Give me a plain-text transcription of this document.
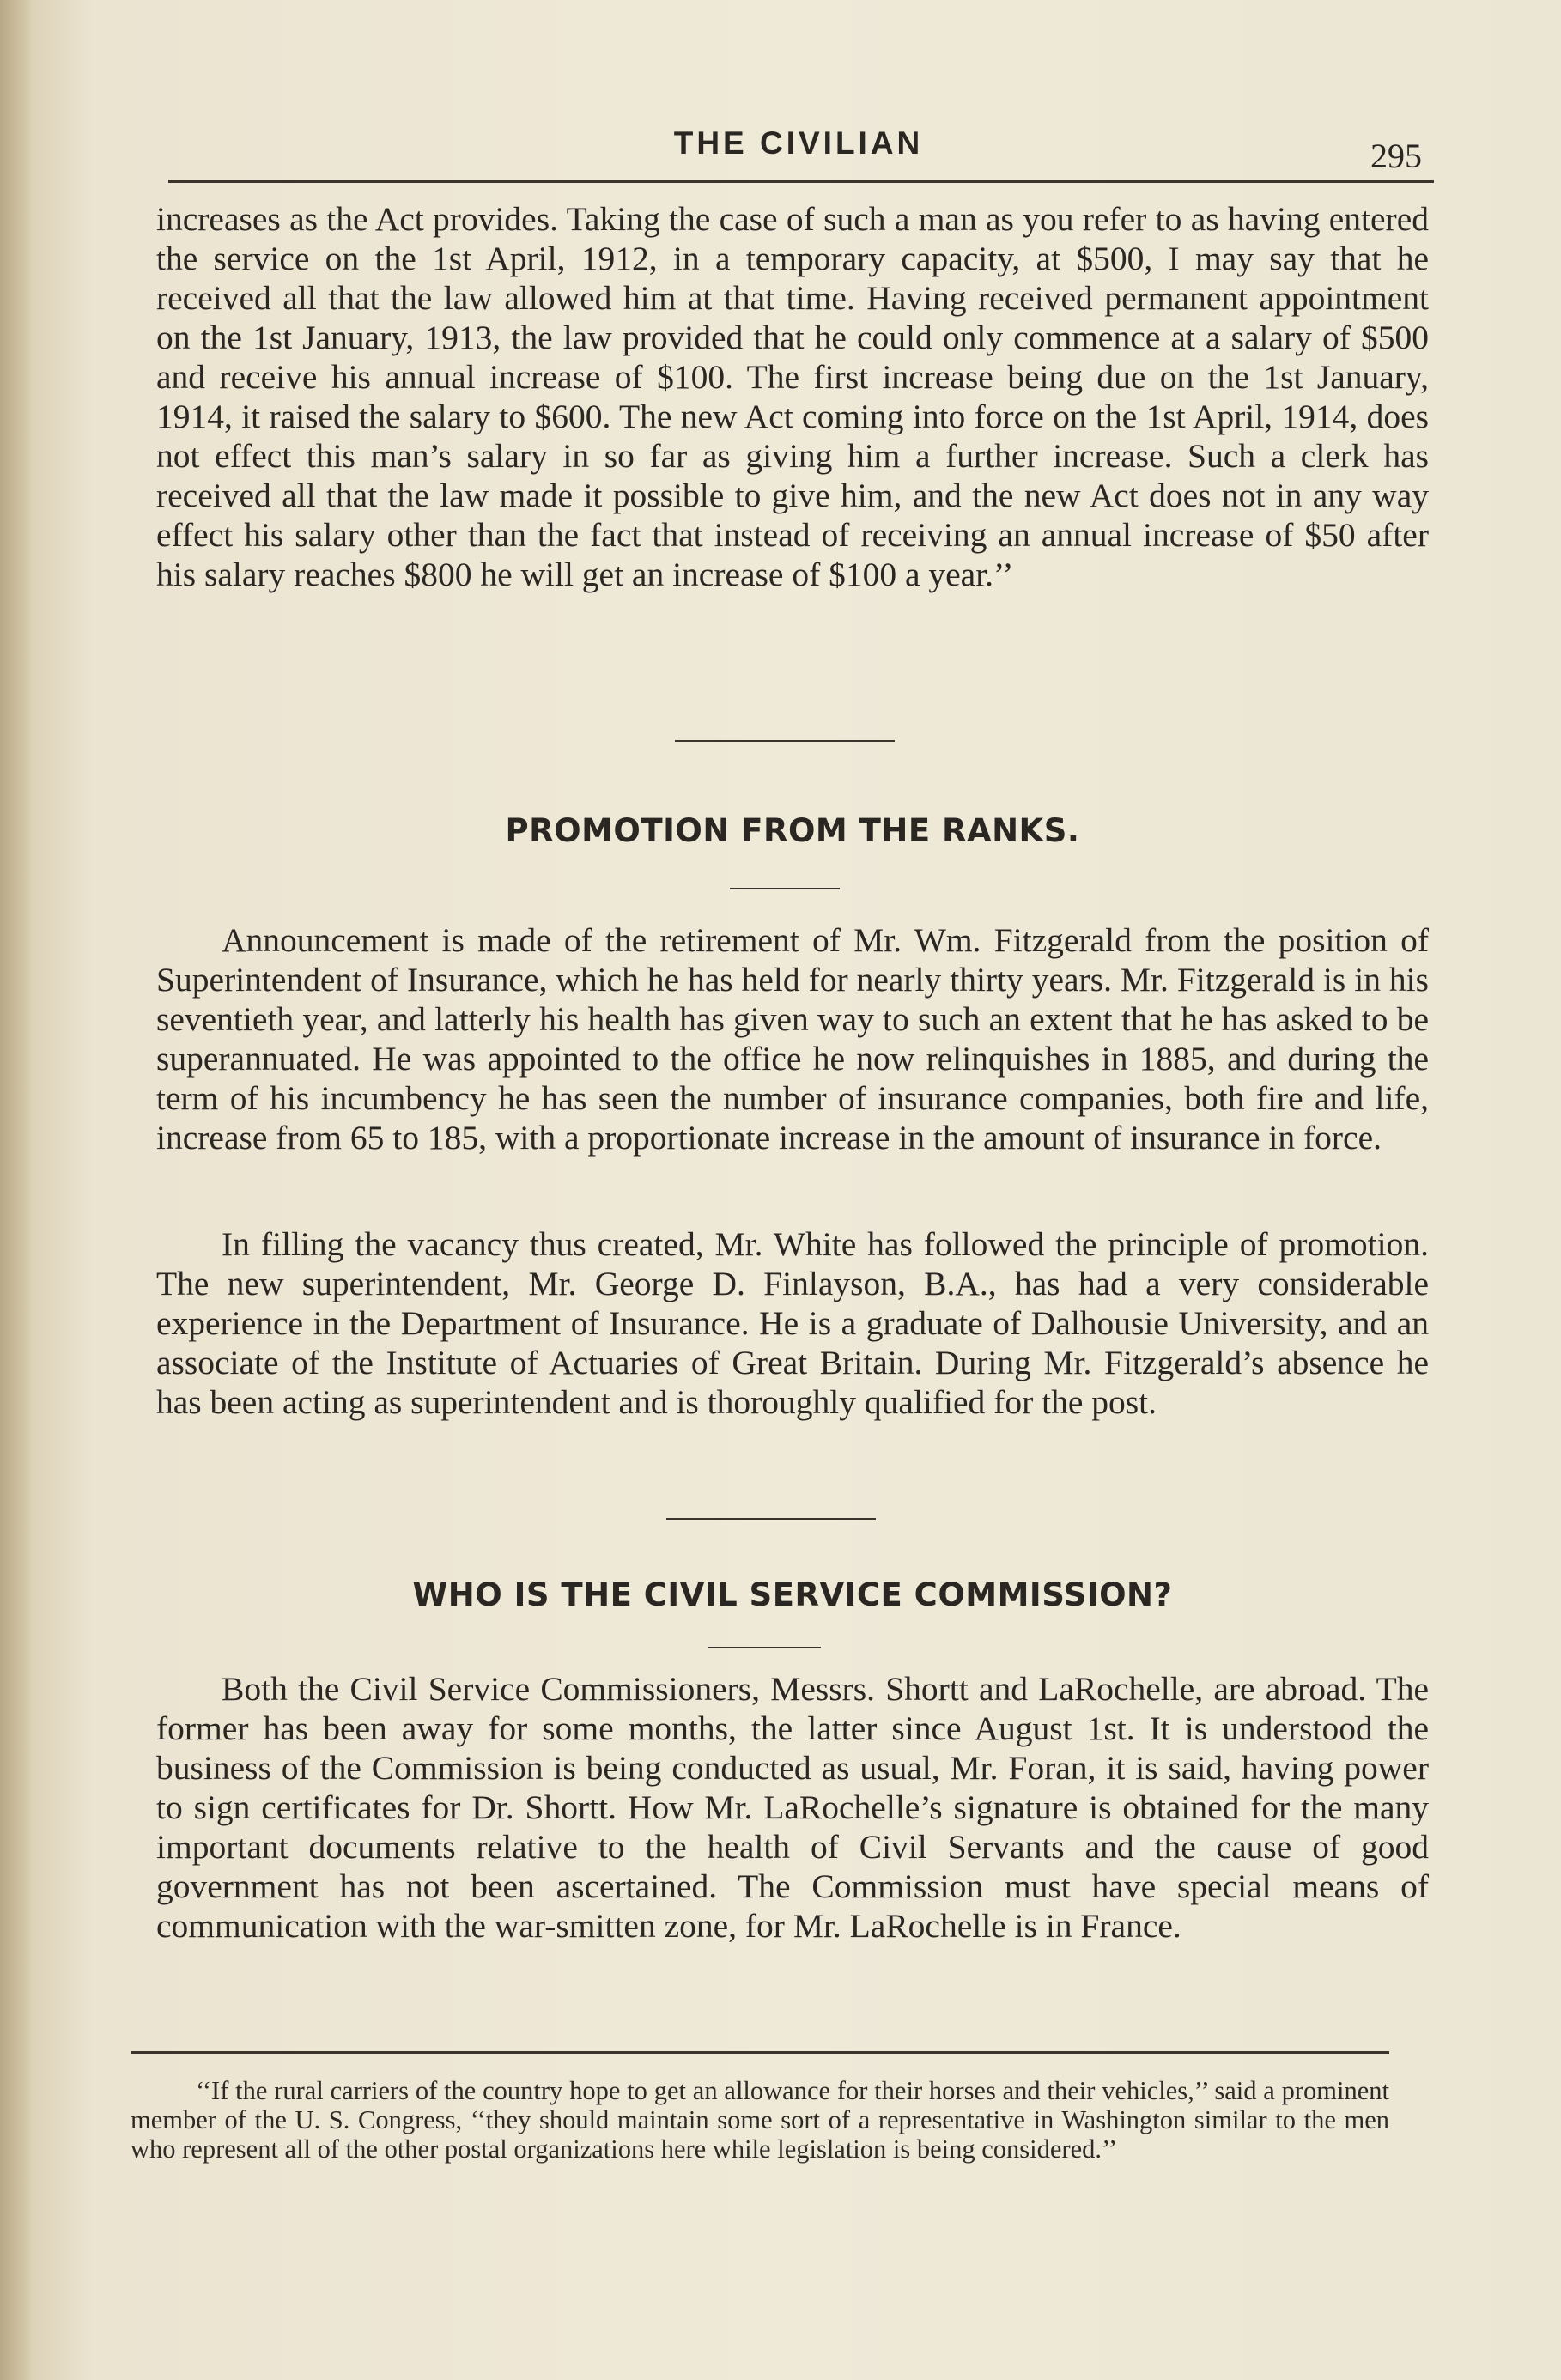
THE CIVILIAN	295
increases as the Act provides. Taking the case of such a man as you refer to as having entered the service on the 1st April, 1912, in a temporary capacity, at $500, I may say that he received all that the law allowed him at that time. Having received permanent appointment on the 1st January, 1913, the law provided that he could only commence at a salary of $500 and receive his annual increase of $100. The first increase being due on the 1st January, 1914, it raised the salary to $600. The new Act coming into force on the 1st April, 1914, does not effect this man’s salary in so far as giving him a further increase. Such a clerk has received all that the law made it possible to give him, and the new Act does not in any way effect his salary other than the fact that instead of receiving an annual increase of $50 after his salary reaches $800 he will get an increase of $100 a year.’’
PROMOTION FROM THE RANKS.
Announcement is made of the retirement of Mr. Wm. Fitzgerald from the position of Superintendent of Insurance, which he has held for nearly thirty years. Mr. Fitzgerald is in his seventieth year, and latterly his health has given way to such an extent that he has asked to be superannuated. He was appointed to the office he now relinquishes in 1885, and during the term of his incumbency he has seen the number of insurance companies, both fire and life, increase from 65 to 185, with a proportionate increase in the amount of insurance in force.
In filling the vacancy thus created, Mr. White has followed the principle of promotion. The new superintendent, Mr. George D. Finlayson, B.A., has had a very considerable experience in the Department of Insurance. He is a graduate of Dalhousie University, and an associate of the Institute of Actuaries of Great Britain. During Mr. Fitzgerald’s absence he has been acting as superintendent and is thoroughly qualified for the post.
WHO IS THE CIVIL SERVICE COMMISSION?
Both the Civil Service Commissioners, Messrs. Shortt and LaRochelle, are abroad. The former has been away for some months, the latter since August 1st. It is understood the business of the Commission is being conducted as usual, Mr. Foran, it is said, having power to sign certificates for Dr. Shortt. How Mr. LaRochelle’s signature is obtained for the many important documents relative to the health of Civil Servants and the cause of good government has not been ascertained. The Commission must have special means of communication with the war-smitten zone, for Mr. LaRochelle is in France.
‘‘If the rural carriers of the country hope to get an allowance for their horses and their vehicles,’’ said a prominent member of the U. S. Congress, ‘‘they should maintain some sort of a representative in Washington similar to the men who represent all of the other postal organizations here while legislation is being considered.’’
